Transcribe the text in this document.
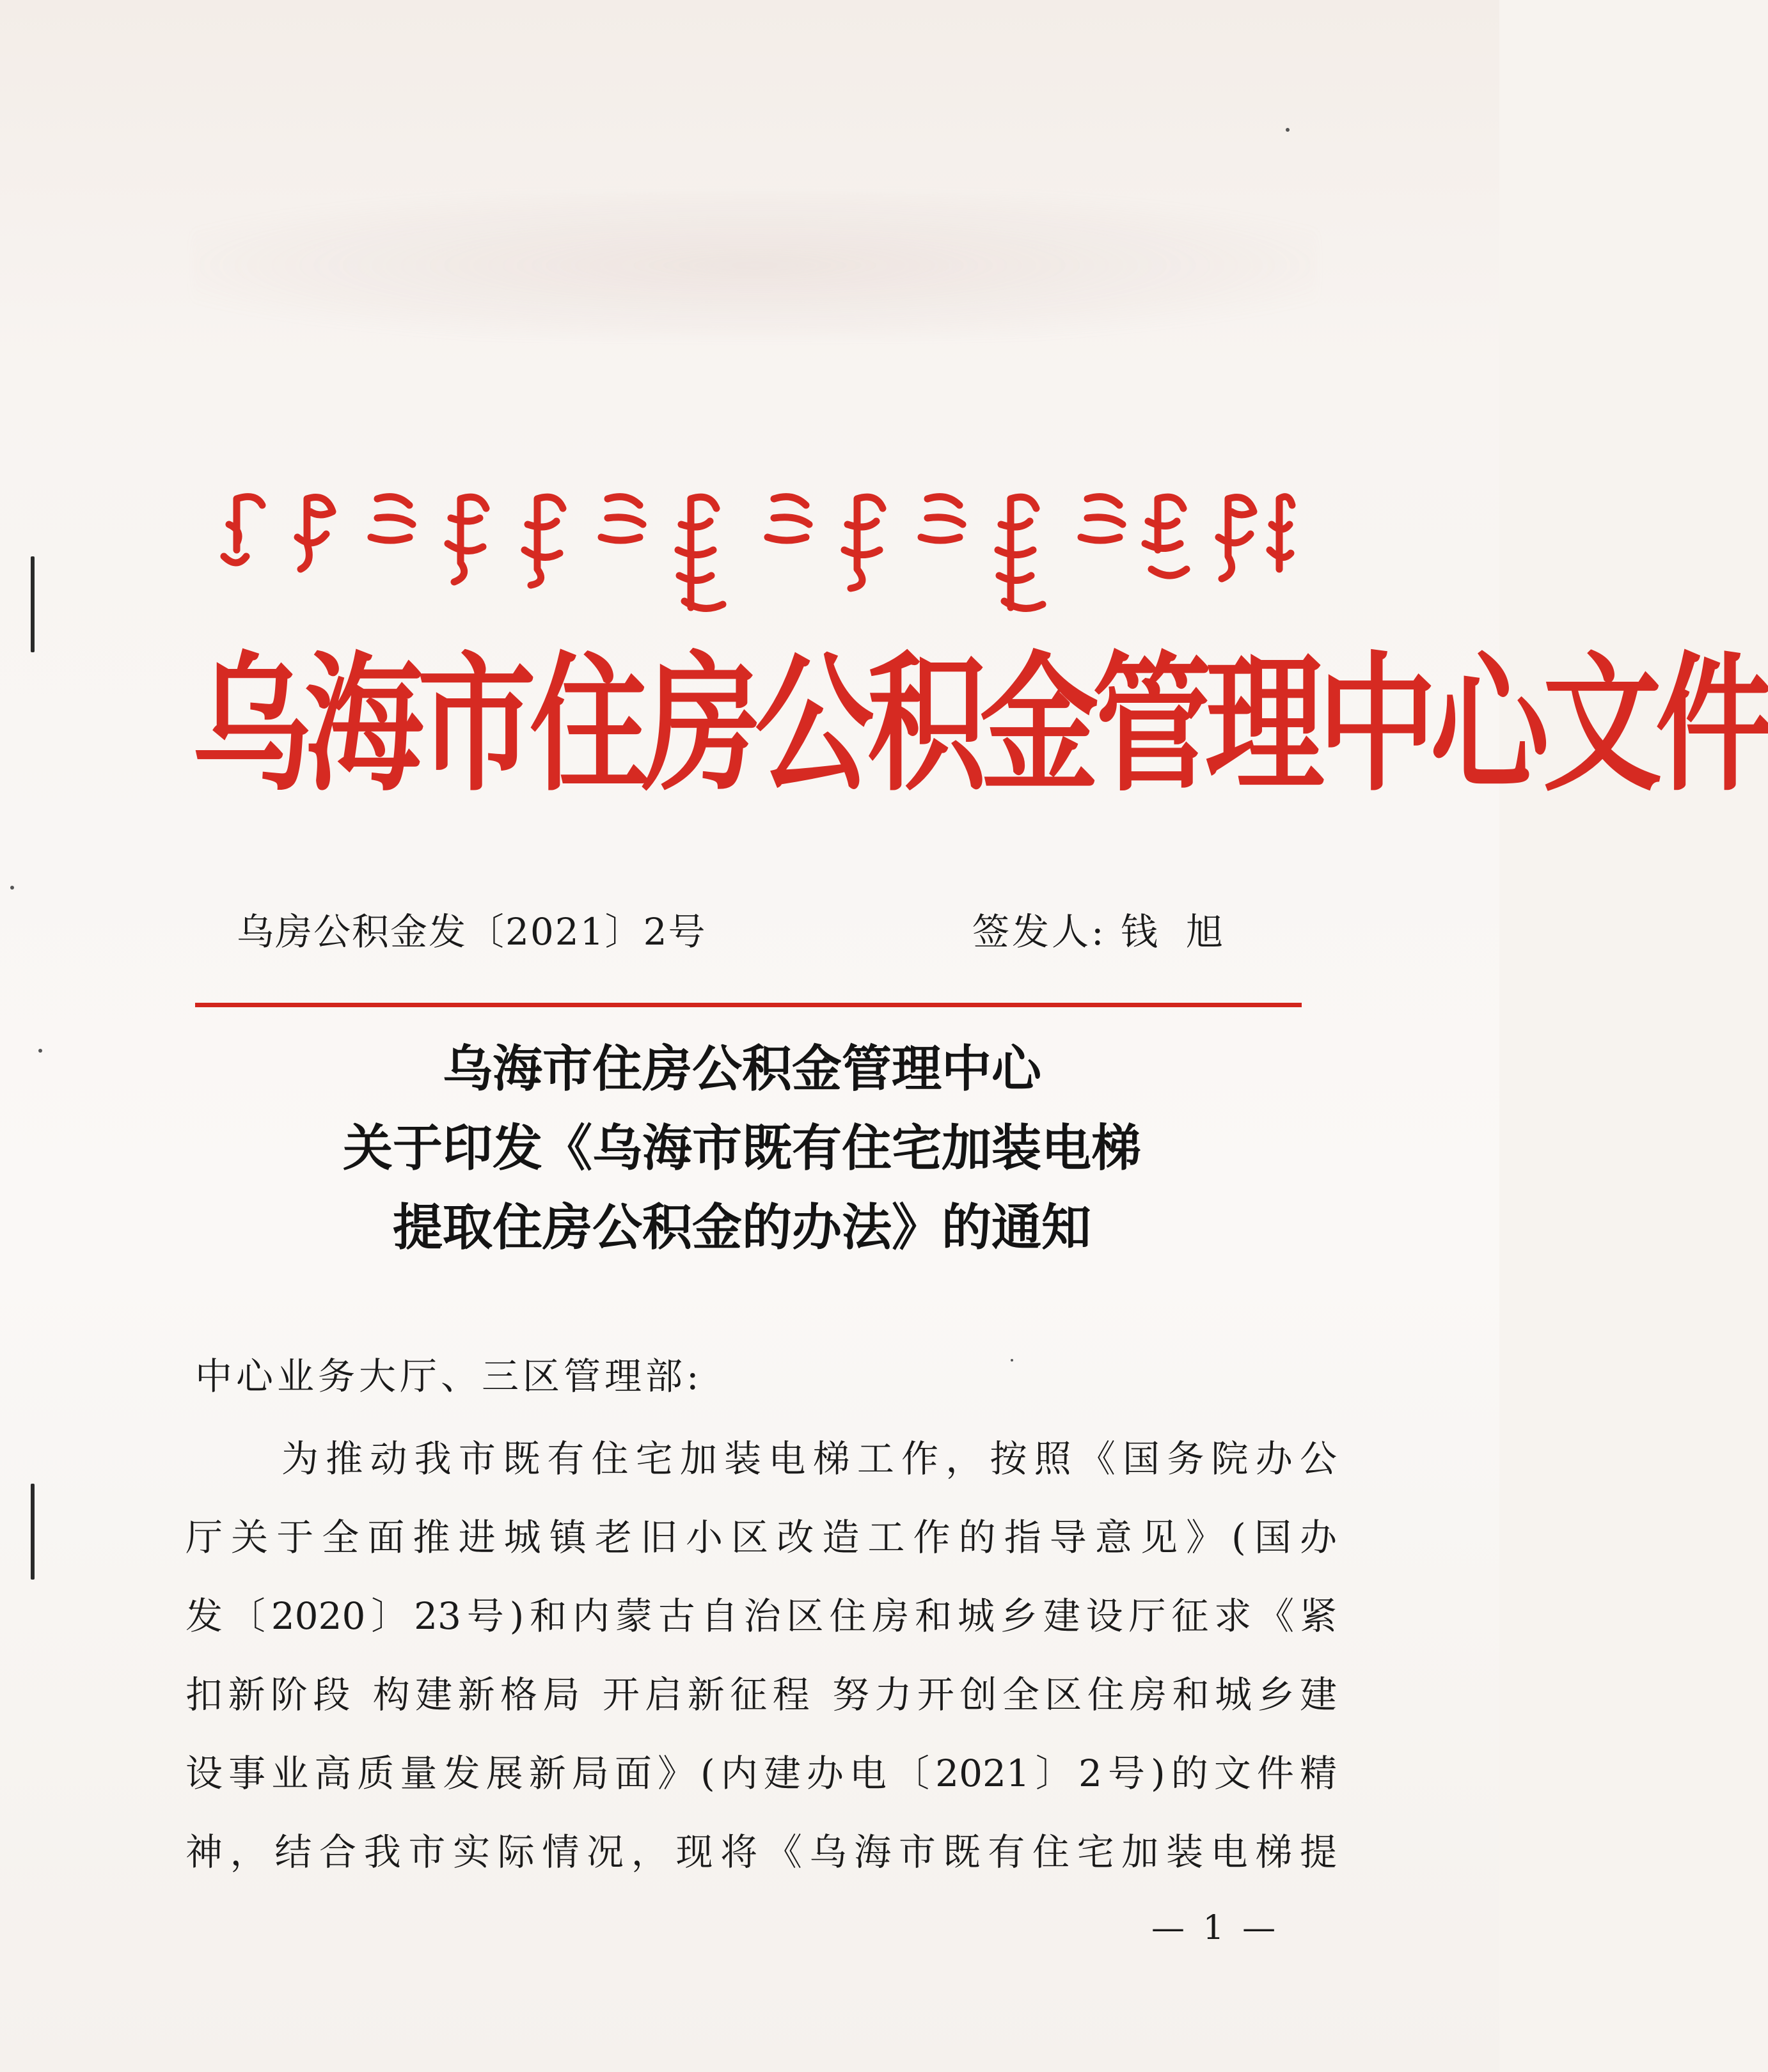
乌海市住房公积金管理中心文件
乌房公积金发〔2021〕2号	签发人: 钱旭
乌海市住房公积金管理中心
关于印发《乌海市既有住宅加装电梯
提取住房公积金的办法》的通知
中心业务大厅、三区管理部:
为推动我市既有住宅加装电梯工作，按照《国务院办公
厅关于全面推进城镇老旧小区改造工作的指导意见》(国办
发〔2020〕23号)和内蒙古自治区住房和城乡建设厅征求《紧
扣新阶段 构建新格局 开启新征程 努力开创全区住房和城乡建
设事业高质量发展新局面》(内建办电〔2021〕2号)的文件精
神，结合我市实际情况，现将《乌海市既有住宅加装电梯提
— 1 —
